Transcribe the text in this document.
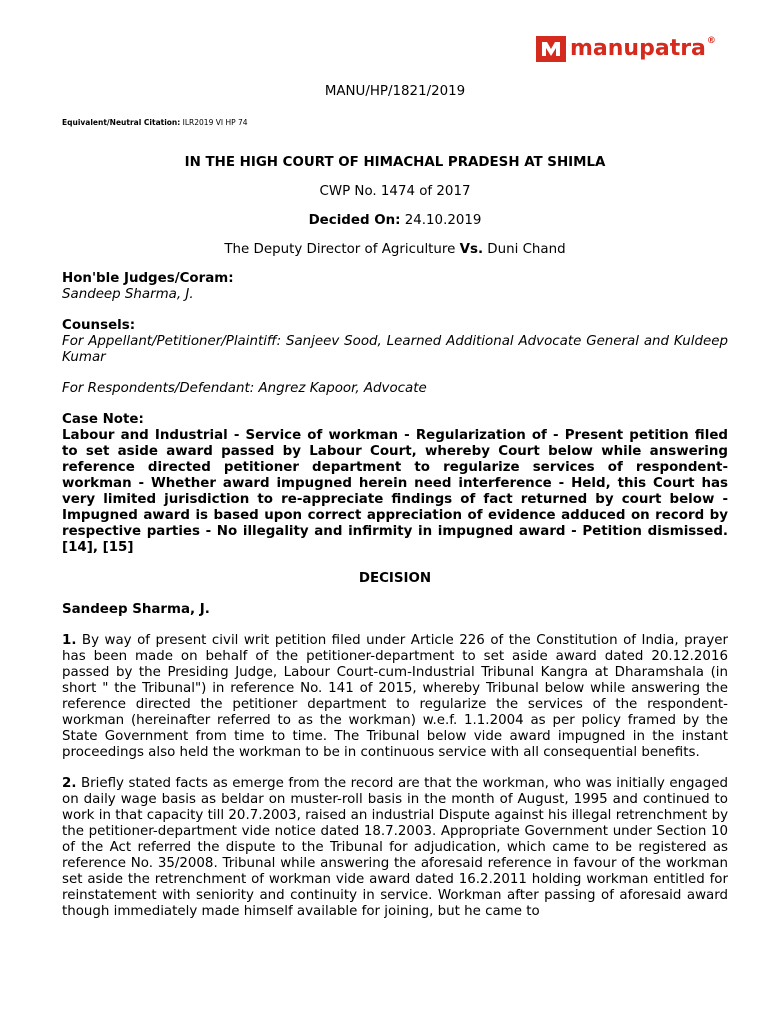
manupatra ®
MANU/HP/1821/2019
Equivalent/Neutral Citation: ILR2019 VI HP 74
IN THE HIGH COURT OF HIMACHAL PRADESH AT SHIMLA
CWP No. 1474 of 2017
Decided On: 24.10.2019
The Deputy Director of Agriculture Vs. Duni Chand
Hon'ble Judges/Coram:
Sandeep Sharma, J.
Counsels:
For Appellant/Petitioner/Plaintiff: Sanjeev Sood, Learned Additional Advocate General and Kuldeep Kumar
For Respondents/Defendant: Angrez Kapoor, Advocate
Case Note:
Labour and Industrial - Service of workman - Regularization of - Present petition filed to set aside award passed by Labour Court, whereby Court below while answering reference directed petitioner department to regularize services of respondent-workman - Whether award impugned herein need interference - Held, this Court has very limited jurisdiction to re-appreciate findings of fact returned by court below - Impugned award is based upon correct appreciation of evidence adduced on record by respective parties - No illegality and infirmity in impugned award - Petition dismissed. [14], [15]
DECISION
Sandeep Sharma, J.
1. By way of present civil writ petition filed under Article 226 of the Constitution of India, prayer has been made on behalf of the petitioner-department to set aside award dated 20.12.2016 passed by the Presiding Judge, Labour Court-cum-Industrial Tribunal Kangra at Dharamshala (in short " the Tribunal") in reference No. 141 of 2015, whereby Tribunal below while answering the reference directed the petitioner department to regularize the services of the respondent-workman (hereinafter referred to as the workman) w.e.f. 1.1.2004 as per policy framed by the State Government from time to time. The Tribunal below vide award impugned in the instant proceedings also held the workman to be in continuous service with all consequential benefits.
2. Briefly stated facts as emerge from the record are that the workman, who was initially engaged on daily wage basis as beldar on muster-roll basis in the month of August, 1995 and continued to work in that capacity till 20.7.2003, raised an industrial Dispute against his illegal retrenchment by the petitioner-department vide notice dated 18.7.2003. Appropriate Government under Section 10 of the Act referred the dispute to the Tribunal for adjudication, which came to be registered as reference No. 35/2008. Tribunal while answering the aforesaid reference in favour of the workman set aside the retrenchment of workman vide award dated 16.2.2011 holding workman entitled for reinstatement with seniority and continuity in service. Workman after passing of aforesaid award though immediately made himself available for joining, but he came to
